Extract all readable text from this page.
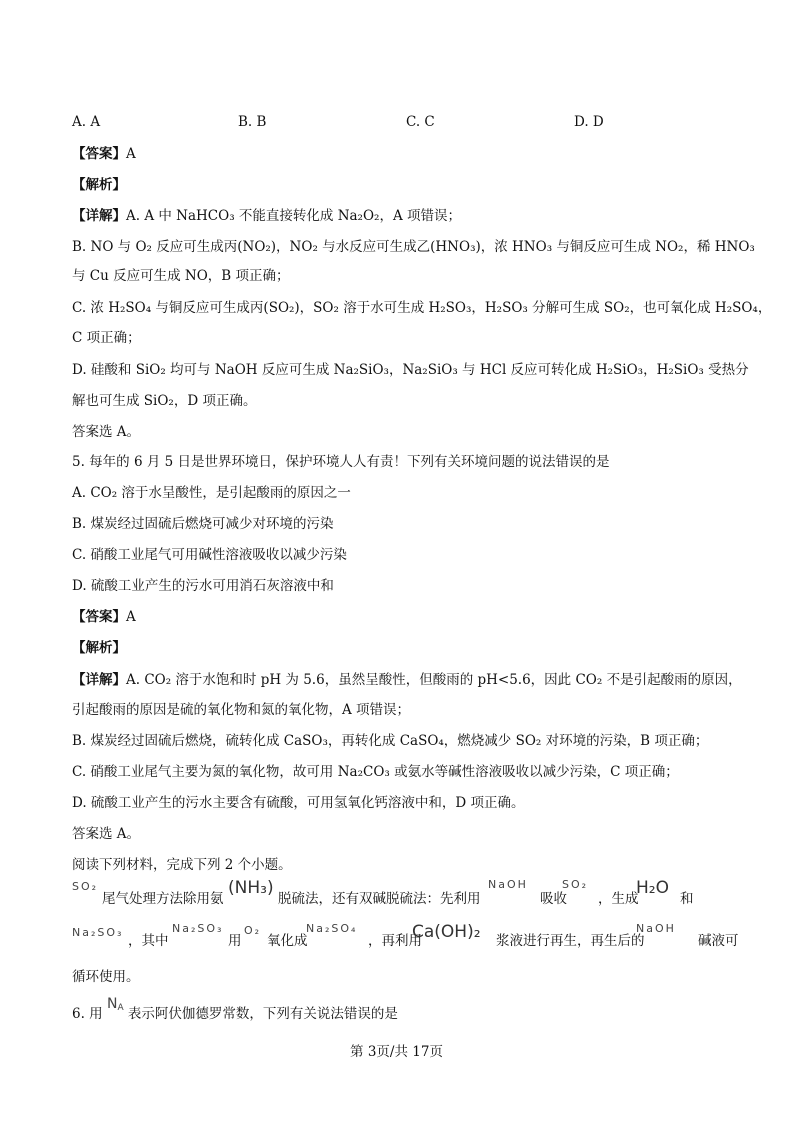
A. A	B. B	C. C	D. D
【答案】A
【解析】
【详解】A. A 中 NaHCO₃ 不能直接转化成 Na₂O₂，A 项错误；
B. NO 与 O₂ 反应可生成丙(NO₂)，NO₂ 与水反应可生成乙(HNO₃)，浓 HNO₃ 与铜反应可生成 NO₂，稀 HNO₃
与 Cu 反应可生成 NO，B 项正确；
C. 浓 H₂SO₄ 与铜反应可生成丙(SO₂)，SO₂ 溶于水可生成 H₂SO₃，H₂SO₃ 分解可生成 SO₂，也可氧化成 H₂SO₄，
C 项正确；
D. 硅酸和 SiO₂ 均可与 NaOH 反应可生成 Na₂SiO₃，Na₂SiO₃ 与 HCl 反应可转化成 H₂SiO₃，H₂SiO₃ 受热分
解也可生成 SiO₂，D 项正确。
答案选 A。
5. 每年的 6 月 5 日是世界环境日，保护环境人人有责！下列有关环境问题的说法错误的是
A. CO₂ 溶于水呈酸性，是引起酸雨的原因之一
B. 煤炭经过固硫后燃烧可减少对环境的污染
C. 硝酸工业尾气可用碱性溶液吸收以减少污染
D. 硫酸工业产生的污水可用消石灰溶液中和
【答案】A
【解析】
【详解】A. CO₂ 溶于水饱和时 pH 为 5.6，虽然呈酸性，但酸雨的 pH<5.6，因此 CO₂ 不是引起酸雨的原因，
引起酸雨的原因是硫的氧化物和氮的氧化物，A 项错误；
B. 煤炭经过固硫后燃烧，硫转化成 CaSO₃，再转化成 CaSO₄，燃烧减少 SO₂ 对环境的污染，B 项正确；
C. 硝酸工业尾气主要为氮的氧化物，故可用 Na₂CO₃ 或氨水等碱性溶液吸收以减少污染，C 项正确；
D. 硫酸工业产生的污水主要含有硫酸，可用氢氧化钙溶液中和，D 项正确。
答案选 A。
阅读下列材料，完成下列 2 个小题。
SO₂
尾气处理方法除用氨
(NH₃)
脱硫法，还有双碱脱硫法：先利用
NaOH
吸收
SO₂
，生成
H₂O
和
Na₂SO₃
，其中
Na₂SO₃
用
O₂
氧化成
Na₂SO₄
，再利用
Ca(OH)₂ 浆液进行再生，再生后的
NaOH
碱液可
循环使用。
6. 用 $N_A$ 表示阿伏伽德罗常数，下列有关说法错误的是
第 3页/共 17页
